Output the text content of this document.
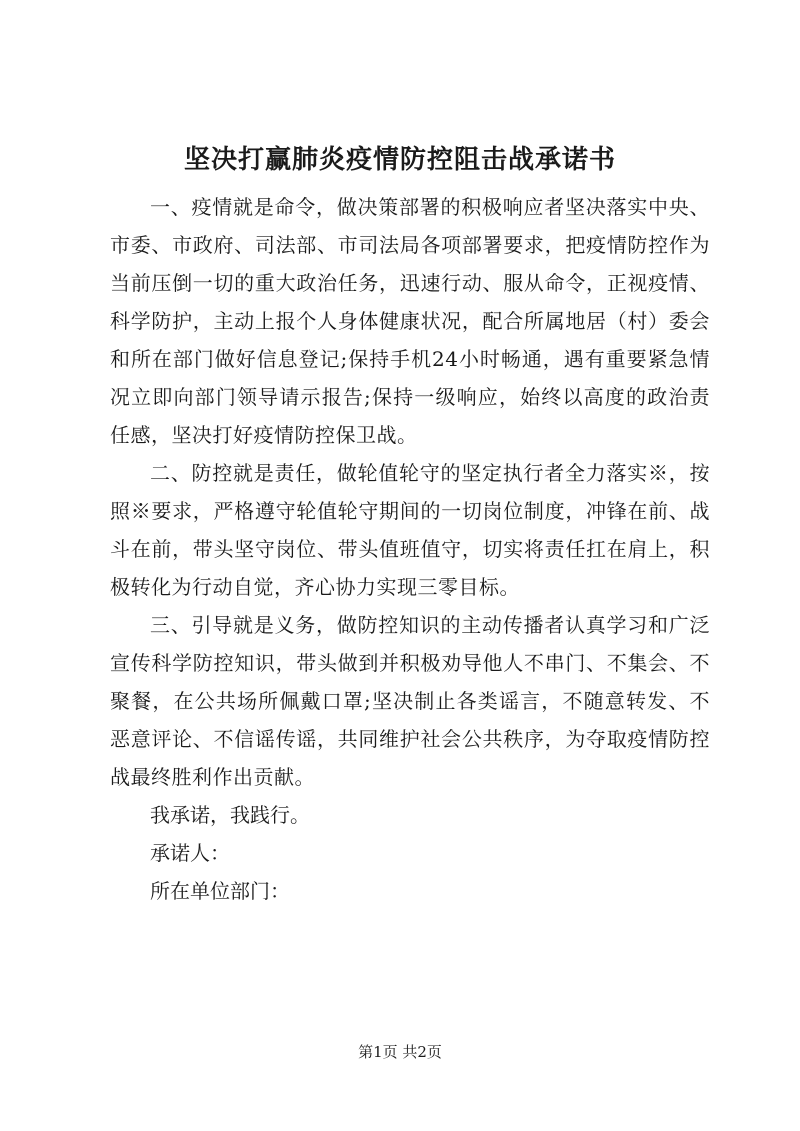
坚决打赢肺炎疫情防控阻击战承诺书

一、疫情就是命令，做决策部署的积极响应者坚决落实中央、市委、市政府、司法部、市司法局各项部署要求，把疫情防控作为当前压倒一切的重大政治任务，迅速行动、服从命令，正视疫情、科学防护，主动上报个人身体健康状况，配合所属地居（村）委会和所在部门做好信息登记;保持手机24小时畅通，遇有重要紧急情况立即向部门领导请示报告;保持一级响应，始终以高度的政治责任感，坚决打好疫情防控保卫战。

二、防控就是责任，做轮值轮守的坚定执行者全力落实※，按照※要求，严格遵守轮值轮守期间的一切岗位制度，冲锋在前、战斗在前，带头坚守岗位、带头值班值守，切实将责任扛在肩上，积极转化为行动自觉，齐心协力实现三零目标。

三、引导就是义务，做防控知识的主动传播者认真学习和广泛宣传科学防控知识，带头做到并积极劝导他人不串门、不集会、不聚餐，在公共场所佩戴口罩;坚决制止各类谣言，不随意转发、不恶意评论、不信谣传谣，共同维护社会公共秩序，为夺取疫情防控战最终胜利作出贡献。

我承诺，我践行。

承诺人：

所在单位部门：

第1页 共2页
